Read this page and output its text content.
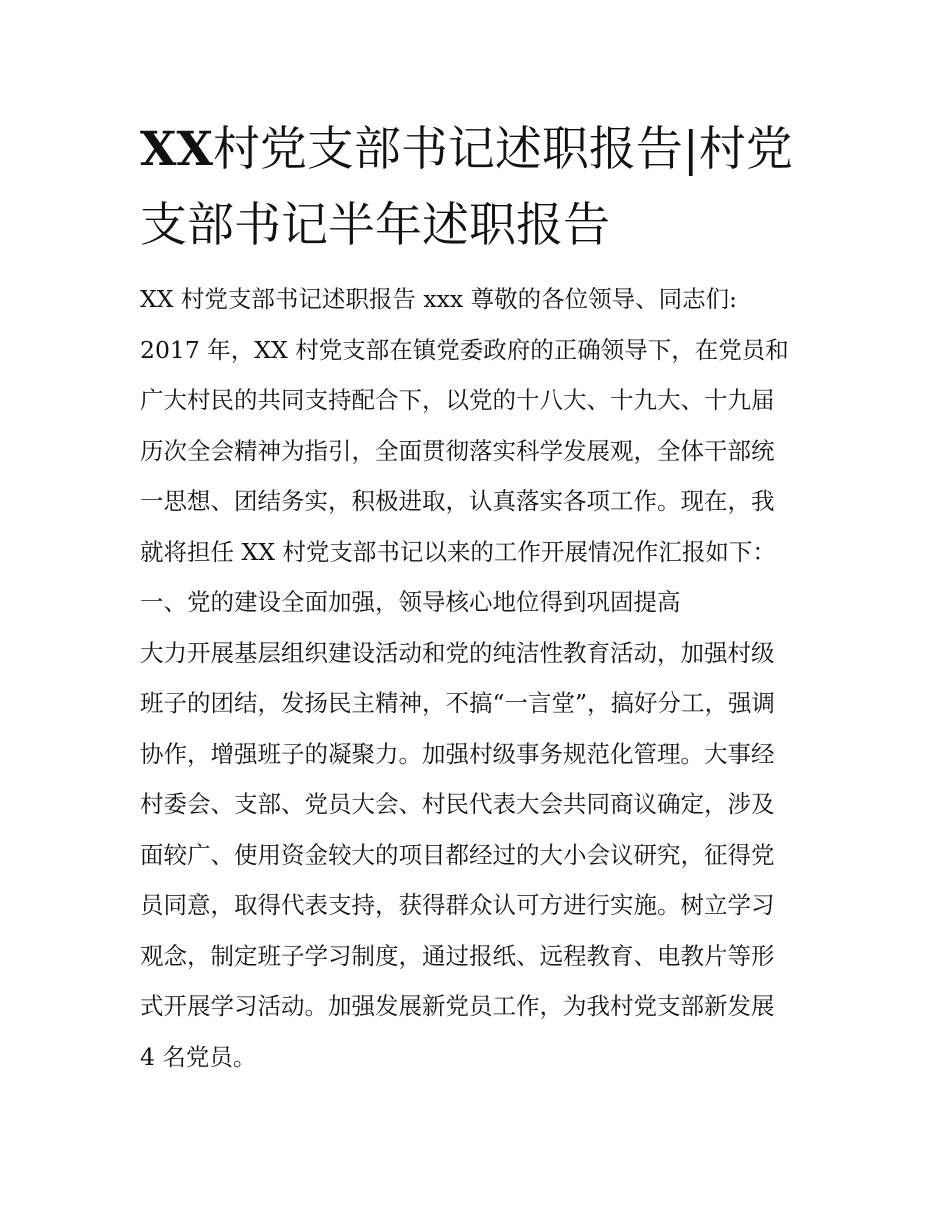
XX村党支部书记述职报告|村党支部书记半年述职报告
XX 村党支部书记述职报告 xxx 尊敬的各位领导、同志们:
2017 年，XX 村党支部在镇党委政府的正确领导下，在党员和
广大村民的共同支持配合下，以党的十八大、十九大、十九届
历次全会精神为指引，全面贯彻落实科学发展观，全体干部统
一思想、团结务实，积极进取，认真落实各项工作。现在，我
就将担任 XX 村党支部书记以来的工作开展情况作汇报如下：
一、党的建设全面加强，领导核心地位得到巩固提高
大力开展基层组织建设活动和党的纯洁性教育活动，加强村级
班子的团结，发扬民主精神，不搞“一言堂”，搞好分工，强调
协作，增强班子的凝聚力。加强村级事务规范化管理。大事经
村委会、支部、党员大会、村民代表大会共同商议确定，涉及
面较广、使用资金较大的项目都经过的大小会议研究，征得党
员同意，取得代表支持，获得群众认可方进行实施。树立学习
观念，制定班子学习制度，通过报纸、远程教育、电教片等形
式开展学习活动。加强发展新党员工作，为我村党支部新发展
4 名党员。
